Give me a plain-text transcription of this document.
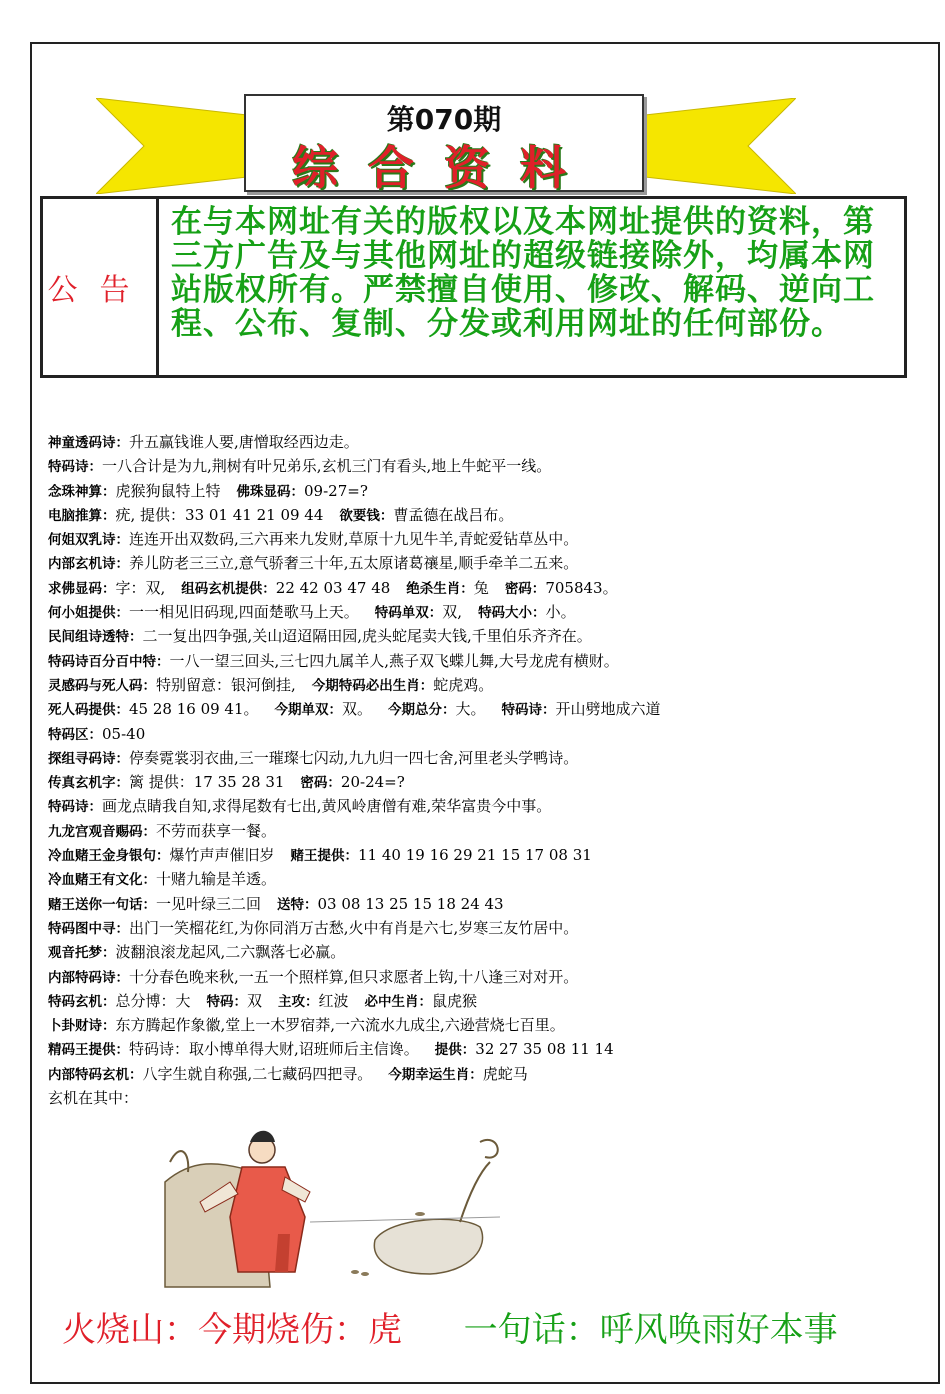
第070期
综合资料
公告
在与本网址有关的版权以及本网址提供的资料，第三方广告及与其他网址的超级链接除外，均属本网站版权所有。严禁擅自使用、修改、解码、逆向工程、公布、复制、分发或利用网址的任何部份。
神童透码诗：升五赢钱谁人要,唐憎取经西边走。
特码诗：一八合计是为九,荆树有叶兄弟乐,玄机三门有看头,地上牛蛇平一线。
念珠神算：虎猴狗鼠特上特 佛珠显码：09-27=?
电脑推算：疣, 提供：33 01 41 21 09 44 欲要钱：曹孟德在战吕布。
何姐双乳诗：连连开出双数码,三六再来九发财,草原十九见牛羊,青蛇爱钻草丛中。
内部玄机诗：养儿防老三三立,意气骄奢三十年,五太原诸葛禳星,顺手牵羊二五来。
求佛显码：字：双, 组码玄机提供：22 42 03 47 48 绝杀生肖：兔 密码：705843。
何小姐提供：一一相见旧码现,四面楚歌马上天。 特码单双：双, 特码大小：小。
民间组诗透特：二一复出四争强,关山迢迢隔田园,虎头蛇尾卖大钱,千里伯乐齐齐在。
特码诗百分百中特：一八一望三回头,三七四九属羊人,燕子双飞蝶儿舞,大号龙虎有横财。
灵感码与死人码：特别留意：银河倒挂, 今期特码必出生肖：蛇虎鸡。
死人码提供：45 28 16 09 41。 今期单双：双。 今期总分：大。 特码诗：开山劈地成六道
特码区：05-40
探组寻码诗：停奏霓裳羽衣曲,三一璀璨七闪动,九九归一四七舍,河里老头学鸭诗。
传真玄机字：篱 提供：17 35 28 31 密码：20-24=?
特码诗：画龙点睛我自知,求得尾数有七出,黄风岭唐僧有难,荣华富贵今中事。
九龙宫观音赐码：不劳而获享一餐。
冷血赌王金身银句：爆竹声声催旧岁 赌王提供：11 40 19 16 29 21 15 17 08 31
冷血赌王有文化：十赌九输是羊透。
赌王送你一句话：一见叶绿三二回 送特：03 08 13 25 15 18 24 43
特码图中寻：出门一笑榴花红,为你同消万古愁,火中有肖是六七,岁寒三友竹居中。
观音托梦：波翻浪滚龙起风,二六飘落七必赢。
内部特码诗：十分春色晚来秋,一五一个照样算,但只求愿者上钩,十八逢三对对开。
特码玄机：总分博：大 特码：双 主攻：红波 必中生肖：鼠虎猴
卜卦财诗：东方腾起作象徽,堂上一木罗宿莽,一六流水九成尘,六逊营烧七百里。
精码王提供：特码诗：取小博单得大财,诏班师后主信谗。 提供：32 27 35 08 11 14
内部特码玄机：八字生就自称强,二七藏码四把寻。 今期幸运生肖：虎蛇马
玄机在其中：
火烧山：今期烧伤：虎 一句话：呼风唤雨好本事
